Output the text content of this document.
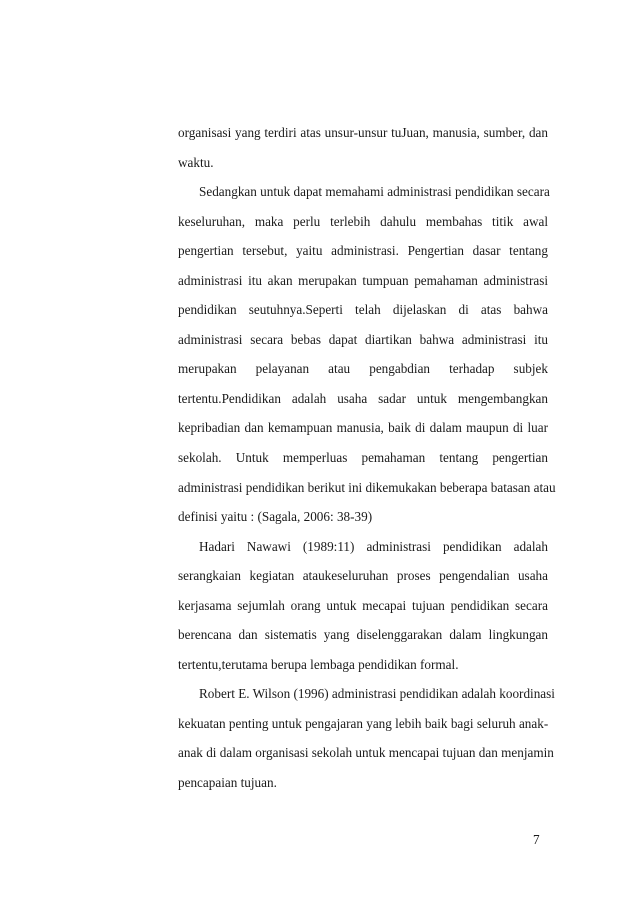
organisasi yang terdiri atas unsur-unsur tuJuan, manusia, sumber, dan
waktu.
Sedangkan untuk dapat memahami administrasi pendidikan secara
keseluruhan, maka perlu terlebih dahulu membahas titik awal
pengertian tersebut, yaitu administrasi. Pengertian dasar tentang
administrasi itu akan merupakan tumpuan pemahaman administrasi
pendidikan seutuhnya.Seperti telah dijelaskan di atas bahwa
administrasi secara bebas dapat diartikan bahwa administrasi itu
merupakan pelayanan atau pengabdian terhadap subjek
tertentu.Pendidikan adalah usaha sadar untuk mengembangkan
kepribadian dan kemampuan manusia, baik di dalam maupun di luar
sekolah. Untuk memperluas pemahaman tentang pengertian
administrasi pendidikan berikut ini dikemukakan beberapa batasan atau
definisi yaitu : (Sagala, 2006: 38-39)
Hadari Nawawi (1989:11) administrasi pendidikan adalah
serangkaian kegiatan ataukeseluruhan proses pengendalian usaha
kerjasama sejumlah orang untuk mecapai tujuan pendidikan secara
berencana dan sistematis yang diselenggarakan dalam lingkungan
tertentu,terutama berupa lembaga pendidikan formal.
Robert E. Wilson (1996) administrasi pendidikan adalah koordinasi
kekuatan penting untuk pengajaran yang lebih baik bagi seluruh anak-
anak di dalam organisasi sekolah untuk mencapai tujuan dan menjamin
pencapaian tujuan.
7
